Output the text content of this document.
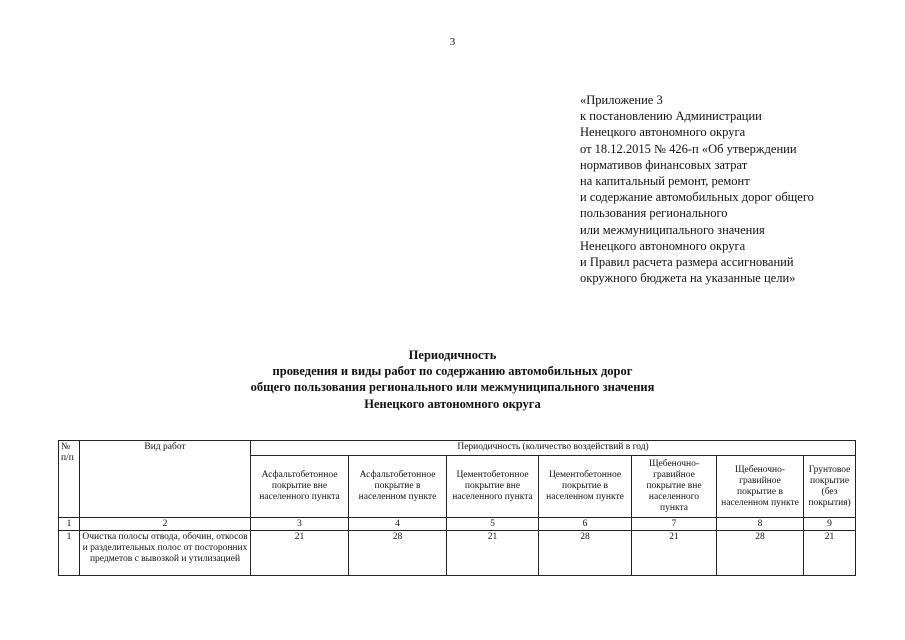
3
«Приложение 3
к постановлению Администрации
Ненецкого автономного округа
от 18.12.2015 № 426-п «Об утверждении
нормативов финансовых затрат
на капитальный ремонт, ремонт
и содержание автомобильных дорог общего
пользования регионального
или межмуниципального значения
Ненецкого автономного округа
и Правил расчета размера ассигнований
окружного бюджета на указанные цели»
Периодичность
проведения и виды работ по содержанию автомобильных дорог
общего пользования регионального или межмуниципального значения
Ненецкого автономного округа
№ п/п	Вид работ	Периодичность (количество воздействий в год)						
		Асфальтобетонное покрытие вне населенного пункта	Асфальтобетонное покрытие в населенном пункте	Цементобетонное покрытие вне населенного пункта	Цементобетонное покрытие в населенном пункте	Щебеночно-гравийное покрытие вне населенного пункта	Щебеночно-гравийное покрытие в населенном пункте	Грунтовое покрытие (без покрытия)
1	2	3	4	5	6	7	8	9
1	Очистка полосы отвода, обочин, откосов и разделительных полос от посторонних предметов с вывозкой и утилизацией	21	28	21	28	21	28	21
